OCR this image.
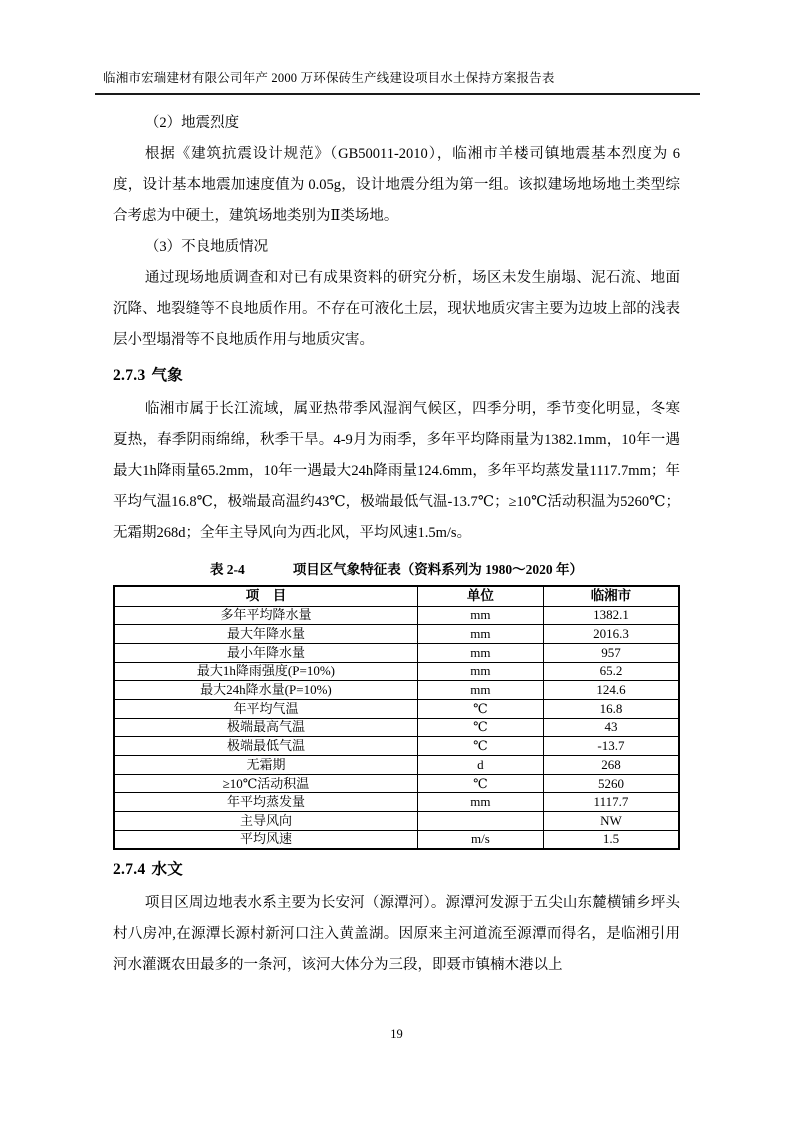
临湘市宏瑞建材有限公司年产 2000 万环保砖生产线建设项目水土保持方案报告表
（2）地震烈度

根据《建筑抗震设计规范》（GB50011-2010），临湘市羊楼司镇地震基本烈度为 6 度，设计基本地震加速度值为 0.05g，设计地震分组为第一组。该拟建场地场地土类型综合考虑为中硬土，建筑场地类别为Ⅱ类场地。

（3）不良地质情况

通过现场地质调查和对已有成果资料的研究分析，场区未发生崩塌、泥石流、地面沉降、地裂缝等不良地质作用。不存在可液化土层，现状地质灾害主要为边坡上部的浅表层小型塌滑等不良地质作用与地质灾害。

2.7.3 气象

临湘市属于长江流域，属亚热带季风湿润气候区，四季分明，季节变化明显，冬寒夏热，春季阴雨绵绵，秋季干旱。4-9月为雨季，多年平均降雨量为1382.1mm，10年一遇最大1h降雨量65.2mm，10年一遇最大24h降雨量124.6mm，多年平均蒸发量1117.7mm；年平均气温16.8℃，极端最高温约43℃，极端最低气温-13.7℃；≥10℃活动积温为5260℃；无霜期268d；全年主导风向为西北风，平均风速1.5m/s。

表 2-4	项目区气象特征表（资料系列为 1980～2020 年）
项　目	单位	临湘市
多年平均降水量	mm	1382.1
最大年降水量	mm	2016.3
最小年降水量	mm	957
最大1h降雨强度(P=10%)	mm	65.2
最大24h降水量(P=10%)	mm	124.6
年平均气温	℃	16.8
极端最高气温	℃	43
极端最低气温	℃	-13.7
无霜期	d	268
≥10℃活动积温	℃	5260
年平均蒸发量	mm	1117.7
主导风向		NW
平均风速	m/s	1.5
2.7.4 水文

项目区周边地表水系主要为长安河（源潭河）。源潭河发源于五尖山东麓横铺乡坪头村八房冲,在源潭长源村新河口注入黄盖湖。因原来主河道流至源潭而得名，是临湘引用河水灌溉农田最多的一条河，该河大体分为三段，即聂市镇楠木港以上

19
